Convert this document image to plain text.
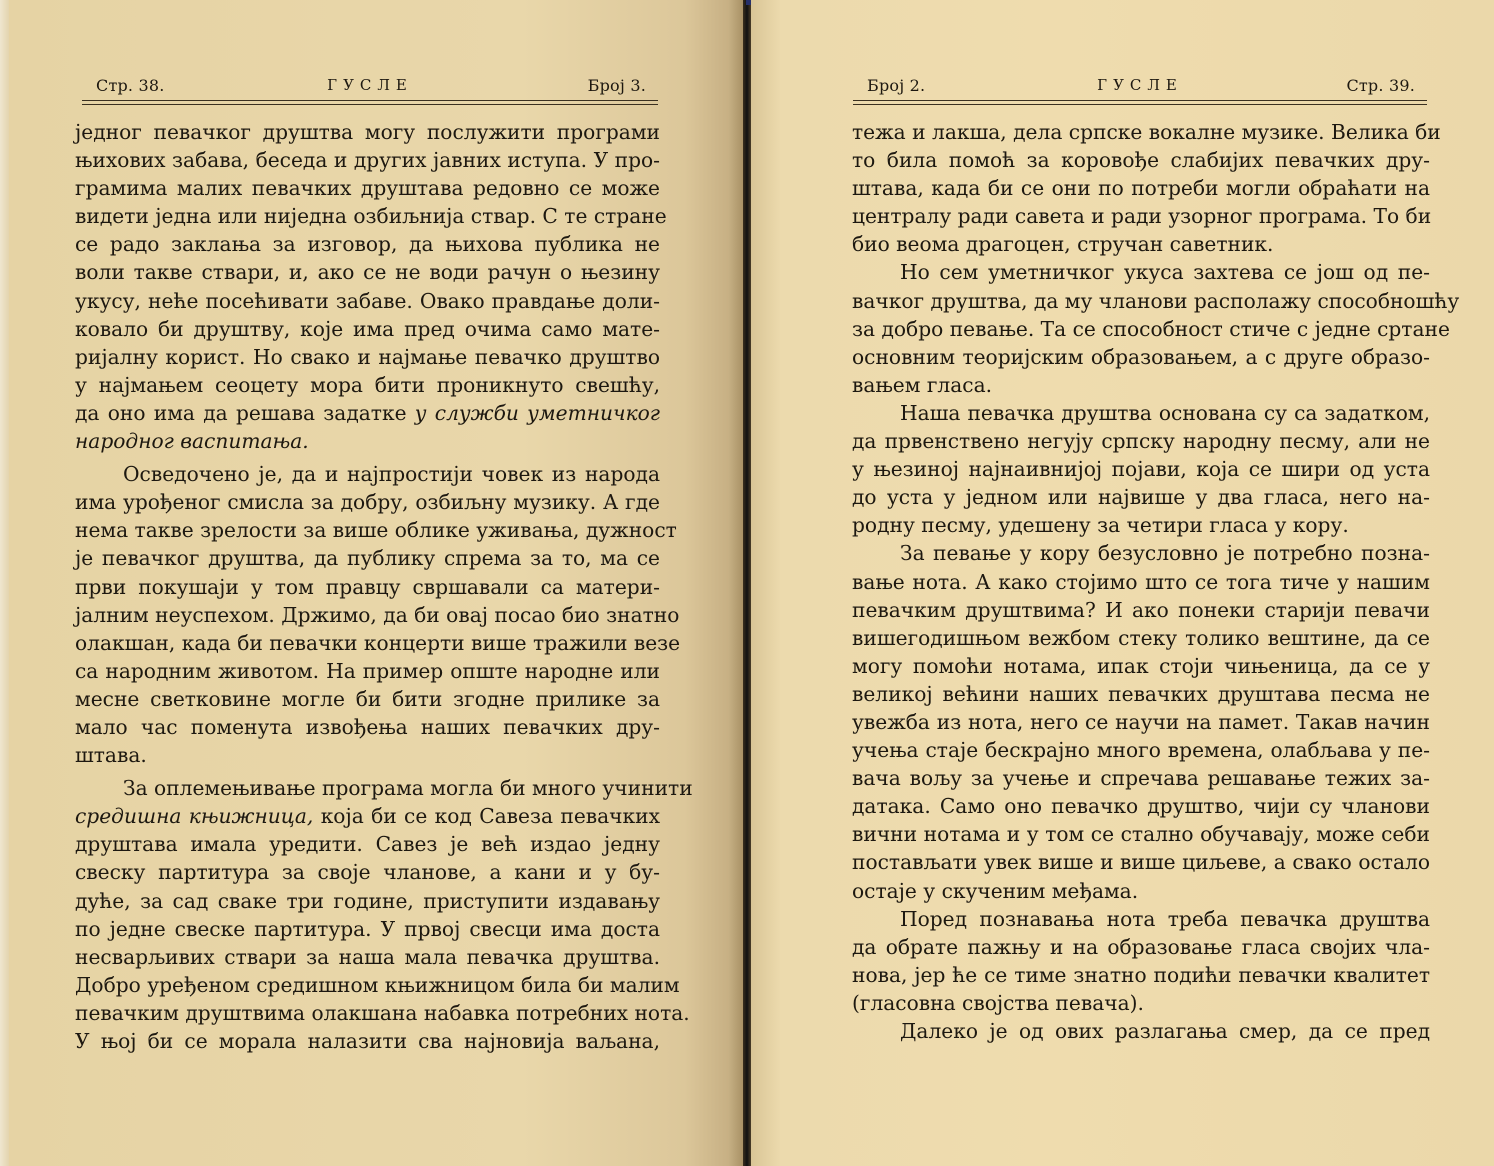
Стр. 38.	ГУСЛЕ	Број 3.
једног певачког друштва могу послужити програми
њихових забава, беседа и других јавних иступа. У про-
грамима малих певачких друштава редовно се може
видети једна или ниједна озбиљнија ствар. С те стране
се радо заклања за изговор, да њихова публика не
воли такве ствари, и, ако се не води рачун о њезину
укусу, неће посећивати забаве. Овако правдање доли-
ковало би друштву, које има пред очима само мате-
ријалну корист. Но свако и најмање певачко друштво
у најмањем сеоцету мора бити проникнуто свешћу,
да оно има да решава задатке у служби уметничког
народног васпитања.
Осведочено је, да и најпростији човек из народа
има урођеног смисла за добру, озбиљну музику. А где
нема такве зрелости за више облике уживања, дужност
је певачког друштва, да публику спрема за то, ма се
први покушаји у том правцу свршавали са матери-
јалним неуспехом. Држимо, да би овај посао био знатно
олакшан, када би певачки концерти више тражили везе
са народним животом. На пример опште народне или
месне светковине могле би бити згодне прилике за
мало час поменута извођења наших певачких дру-
штава.
За оплемењивање програма могла би много учинити
средишна књижница, која би се код Савеза певачких
друштава имала уредити. Савез је већ издао једну
свеску партитура за своје чланове, а кани и у бу-
дуће, за сад сваке три године, приступити издавању
по једне свеске партитура. У првој свесци има доста
несварљивих ствари за наша мала певачка друштва.
Добро уређеном средишном књижницом била би малим
певачким друштвима олакшана набавка потребних нота.
У њој би се морала налазити сва најновија ваљана,
Број 2.	ГУСЛЕ	Стр. 39.
тежа и лакша, дела српске вокалне музике. Велика би
то била помоћ за коровође слабијих певачких дру-
штава, када би се они по потреби могли обраћати на
централу ради савета и ради узорног програма. То би
био веома драгоцен, стручан саветник.
Но сем уметничког укуса захтева се још од пе-
вачког друштва, да му чланови располажу способношћу
за добро певање. Та се способност стиче с једне сртане
основним теоријским образовањем, а с друге образо-
вањем гласа.
Наша певачка друштва основана су са задатком,
да првенствено негују српску народну песму, али не
у њезиној најнаивнијој појави, која се шири од уста
до уста у једном или највише у два гласа, него на-
родну песму, удешену за четири гласа у кору.
За певање у кору безусловно је потребно позна-
вање нота. А како стојимо што се тога тиче у нашим
певачким друштвима? И ако понеки старији певачи
вишегодишњом вежбом стеку толико вештине, да се
могу помоћи нотама, ипак стоји чињеница, да се у
великој већини наших певачких друштава песма не
увежба из нота, него се научи на памет. Такав начин
учења стаје бескрајно много времена, олабљава у пе-
вача вољу за учење и спречава решавање тежих за-
датака. Само оно певачко друштво, чији су чланови
вични нотама и у том се стално обучавају, може себи
постављати увек више и више циљеве, а свако остало
остаје у скученим међама.
Поред познавања нота треба певачка друштва
да обрате пажњу и на образовање гласа својих чла-
нова, јер ће се тиме знатно подићи певачки квалитет
(гласовна својства певача).
Далеко је од ових разлагања смер, да се пред
